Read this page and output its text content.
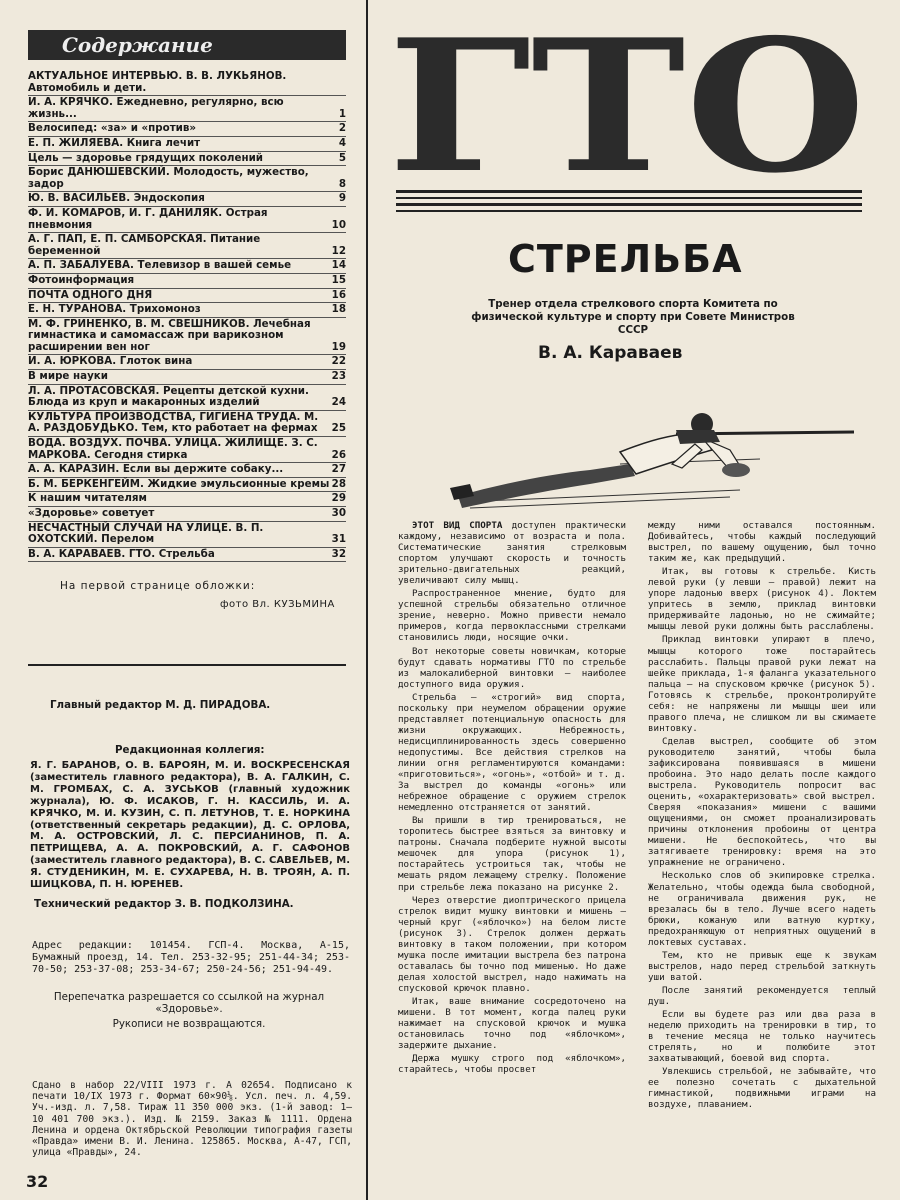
Содержание
АКТУАЛЬНОЕ ИНТЕРВЬЮ. В. В. ЛУКЬЯНОВ. Автомобиль и дети.
И. А. КРЯЧКО. Ежедневно, регулярно, всю жизнь...	1
Велосипед: «за» и «против»	2
Е. П. ЖИЛЯЕВА. Книга лечит	4
Цель — здоровье грядущих поколений	5
Борис ДАНЮШЕВСКИЙ. Молодость, мужество, задор	8
Ю. В. ВАСИЛЬЕВ. Эндоскопия	9
Ф. И. КОМАРОВ, И. Г. ДАНИЛЯК. Острая пневмония	10
А. Г. ПАП, Е. П. САМБОРСКАЯ. Питание беременной	12
А. П. ЗАБАЛУЕВА. Телевизор в вашей семье	14
Фотоинформация	15
ПОЧТА ОДНОГО ДНЯ	16
Е. Н. ТУРАНОВА. Трихомоноз	18
М. Ф. ГРИНЕНКО, В. М. СВЕШНИКОВ. Лечебная гимнастика и самомассаж при варикозном расширении вен ног	19
И. А. ЮРКОВА. Глоток вина	22
В мире науки	23
Л. А. ПРОТАСОВСКАЯ. Рецепты детской кухни. Блюда из круп и макаронных изделий	24
КУЛЬТУРА ПРОИЗВОДСТВА, ГИГИЕНА ТРУДА. М. А. РАЗДОБУДЬКО. Тем, кто работает на фермах	25
ВОДА. ВОЗДУХ. ПОЧВА. УЛИЦА. ЖИЛИЩЕ. З. С. МАРКОВА. Сегодня стирка	26
А. А. КАРАЗИН. Если вы держите собаку...	27
Б. М. БЕРКЕНГЕЙМ. Жидкие эмульсионные кремы 28
К нашим читателям	29
«Здоровье» советует	30
НЕСЧАСТНЫЙ СЛУЧАЙ НА УЛИЦЕ. В. П. ОХОТСКИЙ. Перелом	31
В. А. КАРАВАЕВ. ГТО. Стрельба	32
На первой странице обложки:
фото Вл. КУЗЬМИНА
Главный редактор М. Д. ПИРАДОВА.
Редакционная коллегия:
Я. Г. БАРАНОВ, О. В. БАРОЯН, М. И. ВОСКРЕСЕНСКАЯ (заместитель главного редактора), В. А. ГАЛКИН, С. М. ГРОМБАХ, С. А. ЗУСЬКОВ (главный художник журнала), Ю. Ф. ИСАКОВ, Г. Н. КАССИЛЬ, И. А. КРЯЧКО, М. И. КУЗИН, С. П. ЛЕТУНОВ, Т. Е. НОРКИНА (ответственный секретарь редакции), Д. С. ОРЛОВА, М. А. ОСТРОВСКИЙ, Л. С. ПЕРСИАНИНОВ, П. А. ПЕТРИЩЕВА, А. А. ПОКРОВСКИЙ, А. Г. САФОНОВ (заместитель главного редактора), В. С. САВЕЛЬЕВ, М. Я. СТУДЕНИКИН, М. Е. СУХАРЕВА, Н. В. ТРОЯН, А. П. ШИЦКОВА, П. Н. ЮРЕНЕВ.
Технический редактор З. В. ПОДКОЛЗИНА.
Адрес редакции: 101454. ГСП-4. Москва, А-15, Бумажный проезд, 14. Тел. 253-32-95; 251-44-34; 253-70-50; 253-37-08; 253-34-67; 250-24-56; 251-94-49.
Перепечатка разрешается со ссылкой на журнал «Здоровье».
Рукописи не возвращаются.
Сдано в набор 22/VIII 1973 г. А 02654. Подписано к печати 10/IX 1973 г. Формат 60×90⅛. Усл. печ. л. 4,59. Уч.-изд. л. 7,58. Тираж 11 350 000 экз. (1-й завод: 1—10 401 700 экз.). Изд. № 2159. Заказ № 1111. Ордена Ленина и ордена Октябрьской Революции типография газеты «Правда» имени В. И. Ленина. 125865. Москва, А-47, ГСП, улица «Правды», 24.
32
ГТО
СТРЕЛЬБА
Тренер отдела стрелкового спорта Комитета по физической культуре и спорту при Совете Министров СССР
В. А. Караваев

ЭТОТ ВИД СПОРТА доступен практически каждому, независимо от возраста и пола. Систематические занятия стрелковым спортом улучшают скорость и точность зрительно-двигательных реакций, увеличивают силу мышц.

Распространенное мнение, будто для успешной стрельбы обязательно отличное зрение, неверно. Можно привести немало примеров, когда первоклассными стрелками становились люди, носящие очки.

Вот некоторые советы новичкам, которые будут сдавать нормативы ГТО по стрельбе из малокалиберной винтовки — наиболее доступного вида оружия.

Стрельба — «строгий» вид спорта, поскольку при неумелом обращении оружие представляет потенциальную опасность для жизни окружающих. Небрежность, недисциплинированность здесь совершенно недопустимы. Все действия стрелков на линии огня регламентируются командами: «приготовиться», «огонь», «отбой» и т. д. За выстрел до команды «огонь» или небрежное обращение с оружием стрелок немедленно отстраняется от занятий.

Вы пришли в тир тренироваться, не торопитесь быстрее взяться за винтовку и патроны. Сначала подберите нужной высоты мешочек для упора (рисунок 1), постарайтесь устроиться так, чтобы не мешать рядом лежащему стрелку. Положение при стрельбе лежа показано на рисунке 2.

Через отверстие диоптрического прицела стрелок видит мушку винтовки и мишень — черный круг («яблочко») на белом листе (рисунок 3). Стрелок должен держать винтовку в таком положении, при котором мушка после имитации выстрела без патрона оставалась бы точно под мишенью. Но даже делая холостой выстрел, надо нажимать на спусковой крючок плавно.

Итак, ваше внимание сосредоточено на мишени. В тот момент, когда палец руки нажимает на спусковой крючок и мушка остановилась точно под «яблочком», задержите дыхание.

Держа мушку строго под «яблочком», старайтесь, чтобы просвет

между ними оставался постоянным. Добивайтесь, чтобы каждый последующий выстрел, по вашему ощущению, был точно таким же, как предыдущий.

Итак, вы готовы к стрельбе. Кисть левой руки (у левши — правой) лежит на упоре ладонью вверх (рисунок 4). Локтем упритесь в землю, приклад винтовки придерживайте ладонью, но не сжимайте; мышцы левой руки должны быть расслаблены.

Приклад винтовки упирают в плечо, мышцы которого тоже постарайтесь расслабить. Пальцы правой руки лежат на шейке приклада, 1-я фаланга указательного пальца — на спусковом крючке (рисунок 5). Готовясь к стрельбе, проконтролируйте себя: не напряжены ли мышцы шеи или правого плеча, не слишком ли вы сжимаете винтовку.

Сделав выстрел, сообщите об этом руководителю занятий, чтобы была зафиксирована появившаяся в мишени пробоина. Это надо делать после каждого выстрела. Руководитель попросит вас оценить, «охарактеризовать» свой выстрел. Сверяя «показания» мишени с вашими ощущениями, он сможет проанализировать причины отклонения пробоины от центра мишени. Не беспокойтесь, что вы затягиваете тренировку: время на это упражнение не ограничено.

Несколько слов об экипировке стрелка. Желательно, чтобы одежда была свободной, не ограничивала движения рук, не врезалась бы в тело. Лучше всего надеть брюки, кожаную или ватную куртку, предохраняющую от неприятных ощущений в локтевых суставах.

Тем, кто не привык еще к звукам выстрелов, надо перед стрельбой заткнуть уши ватой.

После занятий рекомендуется теплый душ.

Если вы будете раз или два раза в неделю приходить на тренировки в тир, то в течение месяца не только научитесь стрелять, но и полюбите этот захватывающий, боевой вид спорта.

Увлекшись стрельбой, не забывайте, что ее полезно сочетать с дыхательной гимнастикой, подвижными играми на воздухе, плаванием.
